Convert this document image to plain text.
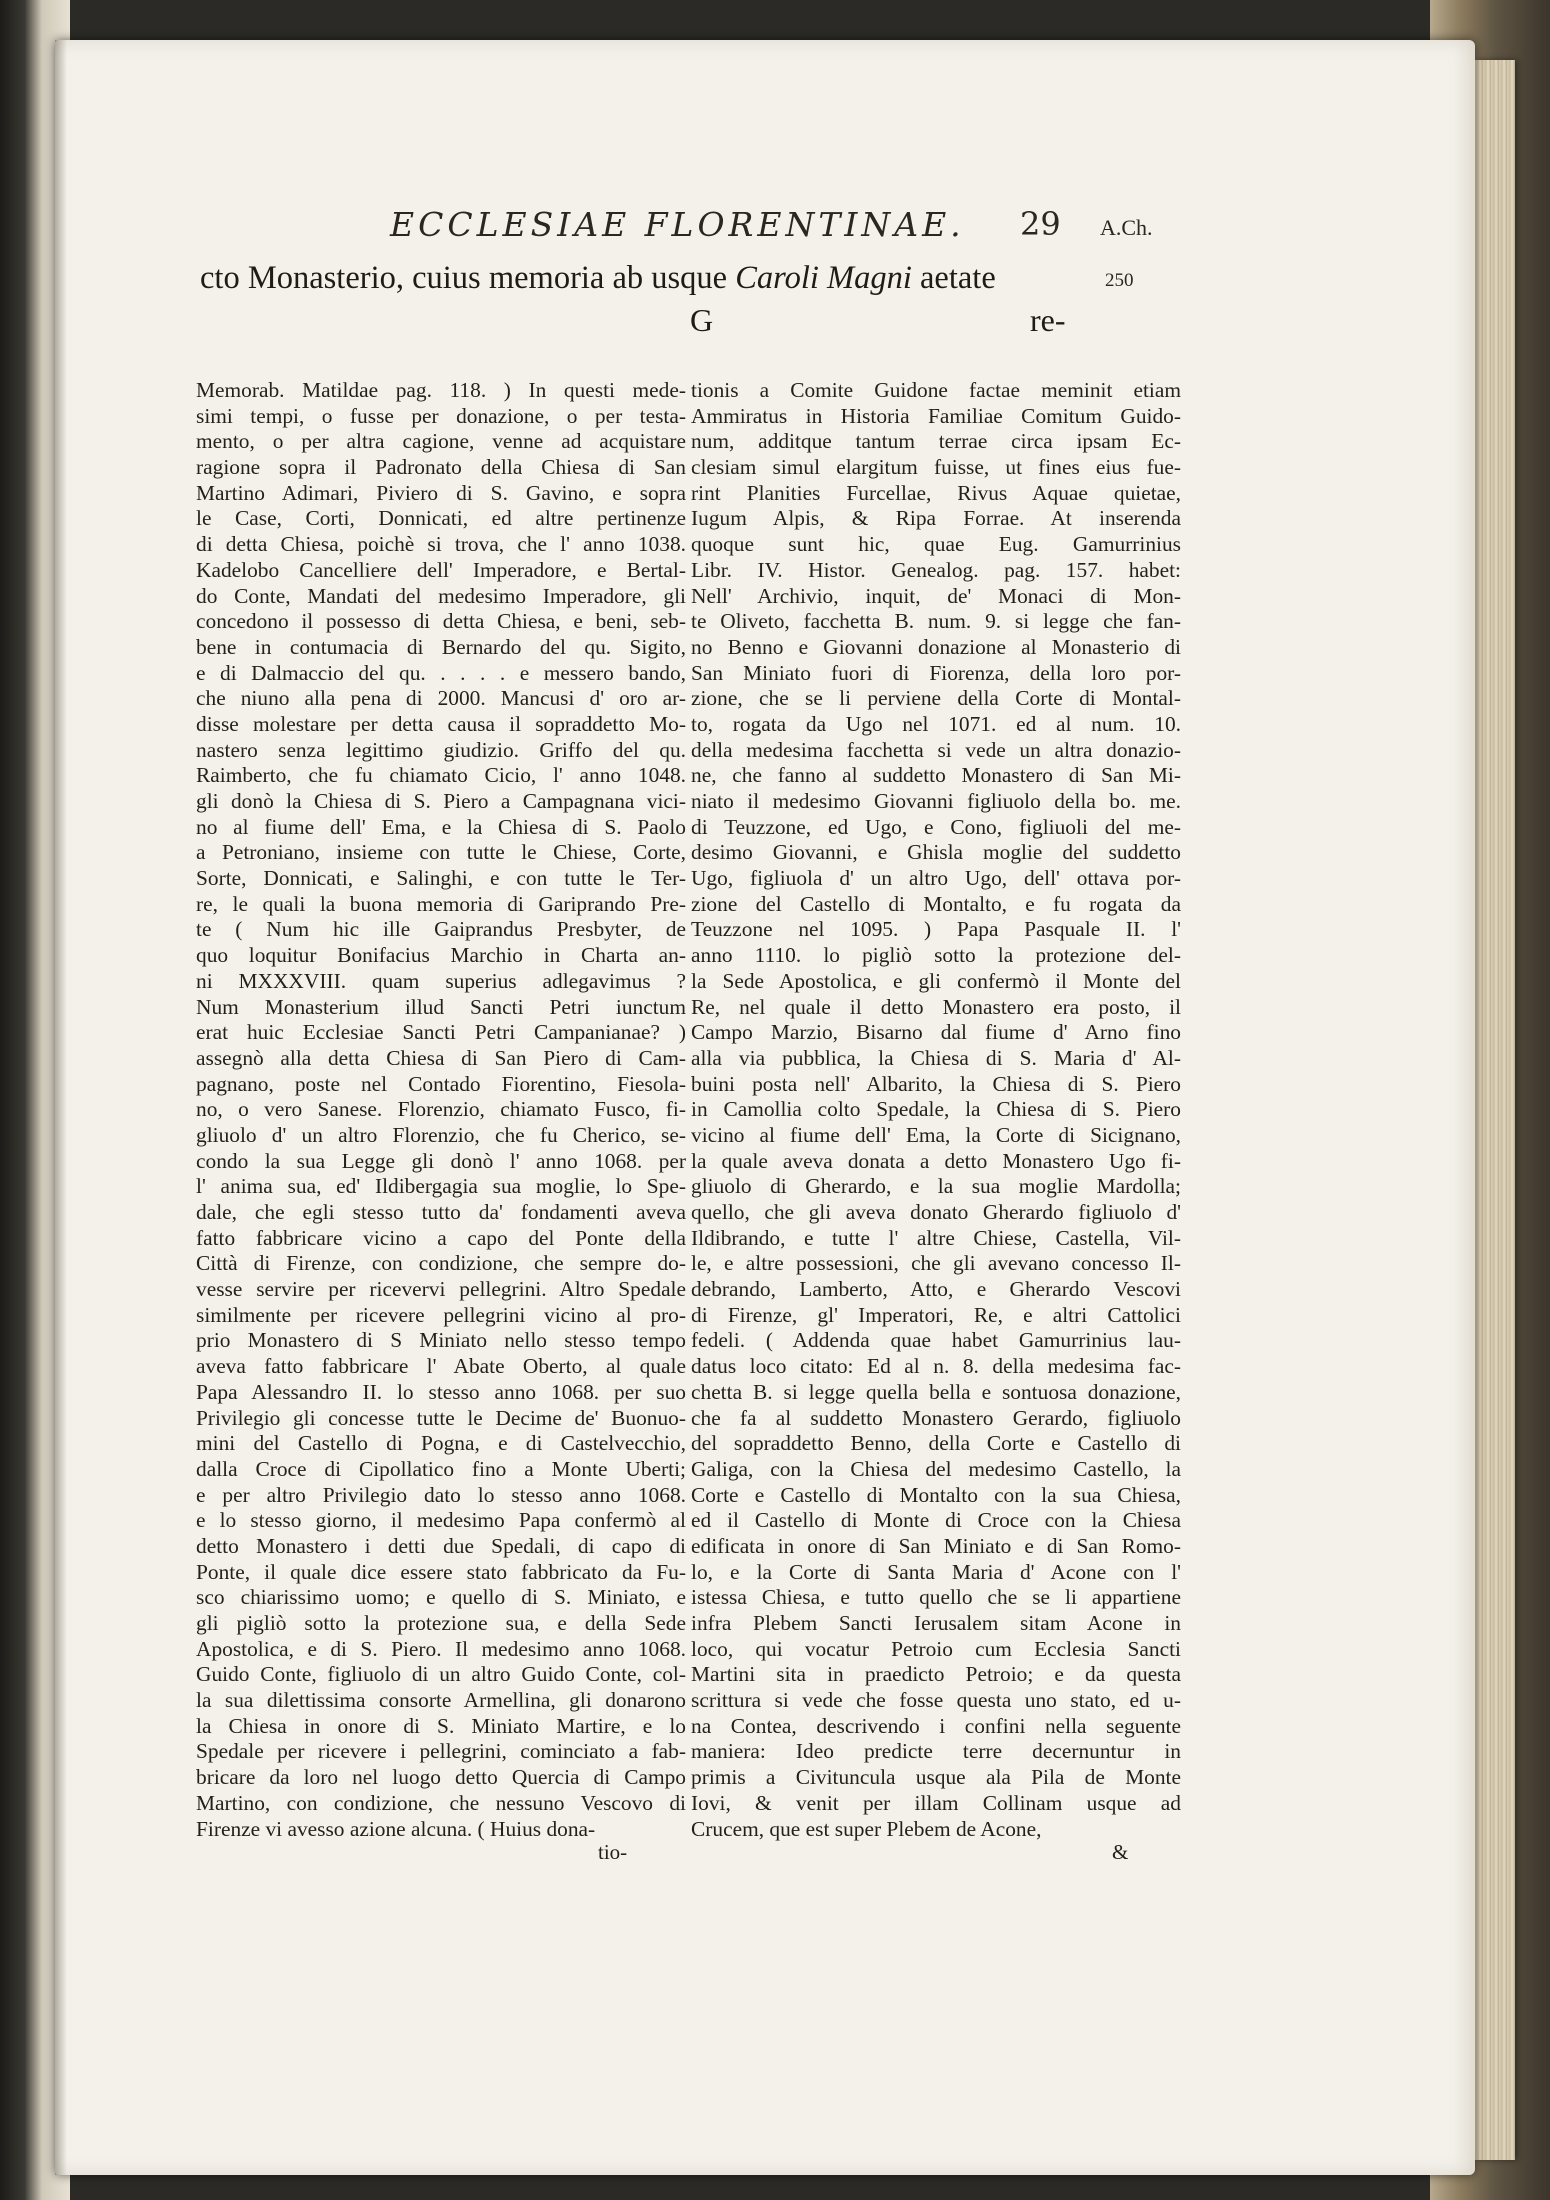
ECCLESIAE FLORENTINAE. 29 A.Ch.
250
cto Monasterio, cuius memoria ab usque Caroli Magni aetate
G	re-
Memorab. Matildae pag. 118. ) In questi mede-
simi tempi, o fusse per donazione, o per testa-
mento, o per altra cagione, venne ad acquistare
ragione sopra il Padronato della Chiesa di San
Martino Adimari, Piviero di S. Gavino, e sopra
le Case, Corti, Donnicati, ed altre pertinenze
di detta Chiesa, poichè si trova, che l' anno 1038.
Kadelobo Cancelliere dell' Imperadore, e Bertal-
do Conte, Mandati del medesimo Imperadore, gli
concedono il possesso di detta Chiesa, e beni, seb-
bene in contumacia di Bernardo del qu. Sigito,
e di Dalmaccio del qu. . . . . e messero bando,
che niuno alla pena di 2000. Mancusi d' oro ar-
disse molestare per detta causa il sopraddetto Mo-
nastero senza legittimo giudizio. Griffo del qu.
Raimberto, che fu chiamato Cicio, l' anno 1048.
gli donò la Chiesa di S. Piero a Campagnana vici-
no al fiume dell' Ema, e la Chiesa di S. Paolo
a Petroniano, insieme con tutte le Chiese, Corte,
Sorte, Donnicati, e Salinghi, e con tutte le Ter-
re, le quali la buona memoria di Gariprando Pre-
te ( Num hic ille Gaiprandus Presbyter, de
quo loquitur Bonifacius Marchio in Charta an-
ni MXXXVIII. quam superius adlegavimus ?
Num Monasterium illud Sancti Petri iunctum
erat huic Ecclesiae Sancti Petri Campanianae? )
assegnò alla detta Chiesa di San Piero di Cam-
pagnano, poste nel Contado Fiorentino, Fiesola-
no, o vero Sanese. Florenzio, chiamato Fusco, fi-
gliuolo d' un altro Florenzio, che fu Cherico, se-
condo la sua Legge gli donò l' anno 1068. per
l' anima sua, ed' Ildibergagia sua moglie, lo Spe-
dale, che egli stesso tutto da' fondamenti aveva
fatto fabbricare vicino a capo del Ponte della
Città di Firenze, con condizione, che sempre do-
vesse servire per ricevervi pellegrini. Altro Spedale
similmente per ricevere pellegrini vicino al pro-
prio Monastero di S Miniato nello stesso tempo
aveva fatto fabbricare l' Abate Oberto, al quale
Papa Alessandro II. lo stesso anno 1068. per suo
Privilegio gli concesse tutte le Decime de' Buonuo-
mini del Castello di Pogna, e di Castelvecchio,
dalla Croce di Cipollatico fino a Monte Uberti;
e per altro Privilegio dato lo stesso anno 1068.
e lo stesso giorno, il medesimo Papa confermò al
detto Monastero i detti due Spedali, di capo di
Ponte, il quale dice essere stato fabbricato da Fu-
sco chiarissimo uomo; e quello di S. Miniato, e
gli pigliò sotto la protezione sua, e della Sede
Apostolica, e di S. Piero. Il medesimo anno 1068.
Guido Conte, figliuolo di un altro Guido Conte, col-
la sua dilettissima consorte Armellina, gli donarono
la Chiesa in onore di S. Miniato Martire, e lo
Spedale per ricevere i pellegrini, cominciato a fab-
bricare da loro nel luogo detto Quercia di Campo
Martino, con condizione, che nessuno Vescovo di
Firenze vi avesso azione alcuna. ( Huius dona-
tionis a Comite Guidone factae meminit etiam
Ammiratus in Historia Familiae Comitum Guido-
num, additque tantum terrae circa ipsam Ec-
clesiam simul elargitum fuisse, ut fines eius fue-
rint Planities Furcellae, Rivus Aquae quietae,
Iugum Alpis, & Ripa Forrae. At inserenda
quoque sunt hic, quae Eug. Gamurrinius
Libr. IV. Histor. Genealog. pag. 157. habet:
Nell' Archivio, inquit, de' Monaci di Mon-
te Oliveto, facchetta B. num. 9. si legge che fan-
no Benno e Giovanni donazione al Monasterio di
San Miniato fuori di Fiorenza, della loro por-
zione, che se li perviene della Corte di Montal-
to, rogata da Ugo nel 1071. ed al num. 10.
della medesima facchetta si vede un altra donazio-
ne, che fanno al suddetto Monastero di San Mi-
niato il medesimo Giovanni figliuolo della bo. me.
di Teuzzone, ed Ugo, e Cono, figliuoli del me-
desimo Giovanni, e Ghisla moglie del suddetto
Ugo, figliuola d' un altro Ugo, dell' ottava por-
zione del Castello di Montalto, e fu rogata da
Teuzzone nel 1095. ) Papa Pasquale II. l'
anno 1110. lo pigliò sotto la protezione del-
la Sede Apostolica, e gli confermò il Monte del
Re, nel quale il detto Monastero era posto, il
Campo Marzio, Bisarno dal fiume d' Arno fino
alla via pubblica, la Chiesa di S. Maria d' Al-
buini posta nell' Albarito, la Chiesa di S. Piero
in Camollia colto Spedale, la Chiesa di S. Piero
vicino al fiume dell' Ema, la Corte di Sicignano,
la quale aveva donata a detto Monastero Ugo fi-
gliuolo di Gherardo, e la sua moglie Mardolla;
quello, che gli aveva donato Gherardo figliuolo d'
Ildibrando, e tutte l' altre Chiese, Castella, Vil-
le, e altre possessioni, che gli avevano concesso Il-
debrando, Lamberto, Atto, e Gherardo Vescovi
di Firenze, gl' Imperatori, Re, e altri Cattolici
fedeli. ( Addenda quae habet Gamurrinius lau-
datus loco citato: Ed al n. 8. della medesima fac-
chetta B. si legge quella bella e sontuosa donazione,
che fa al suddetto Monastero Gerardo, figliuolo
del sopraddetto Benno, della Corte e Castello di
Galiga, con la Chiesa del medesimo Castello, la
Corte e Castello di Montalto con la sua Chiesa,
ed il Castello di Monte di Croce con la Chiesa
edificata in onore di San Miniato e di San Romo-
lo, e la Corte di Santa Maria d' Acone con l'
istessa Chiesa, e tutto quello che se li appartiene
infra Plebem Sancti Ierusalem sitam Acone in
loco, qui vocatur Petroio cum Ecclesia Sancti
Martini sita in praedicto Petroio; e da questa
scrittura si vede che fosse questa uno stato, ed u-
na Contea, descrivendo i confini nella seguente
maniera: Ideo predicte terre decernuntur in
primis a Civituncula usque ala Pila de Monte
Iovi, & venit per illam Collinam usque ad
Crucem, que est super Plebem de Acone,
tio-	&
